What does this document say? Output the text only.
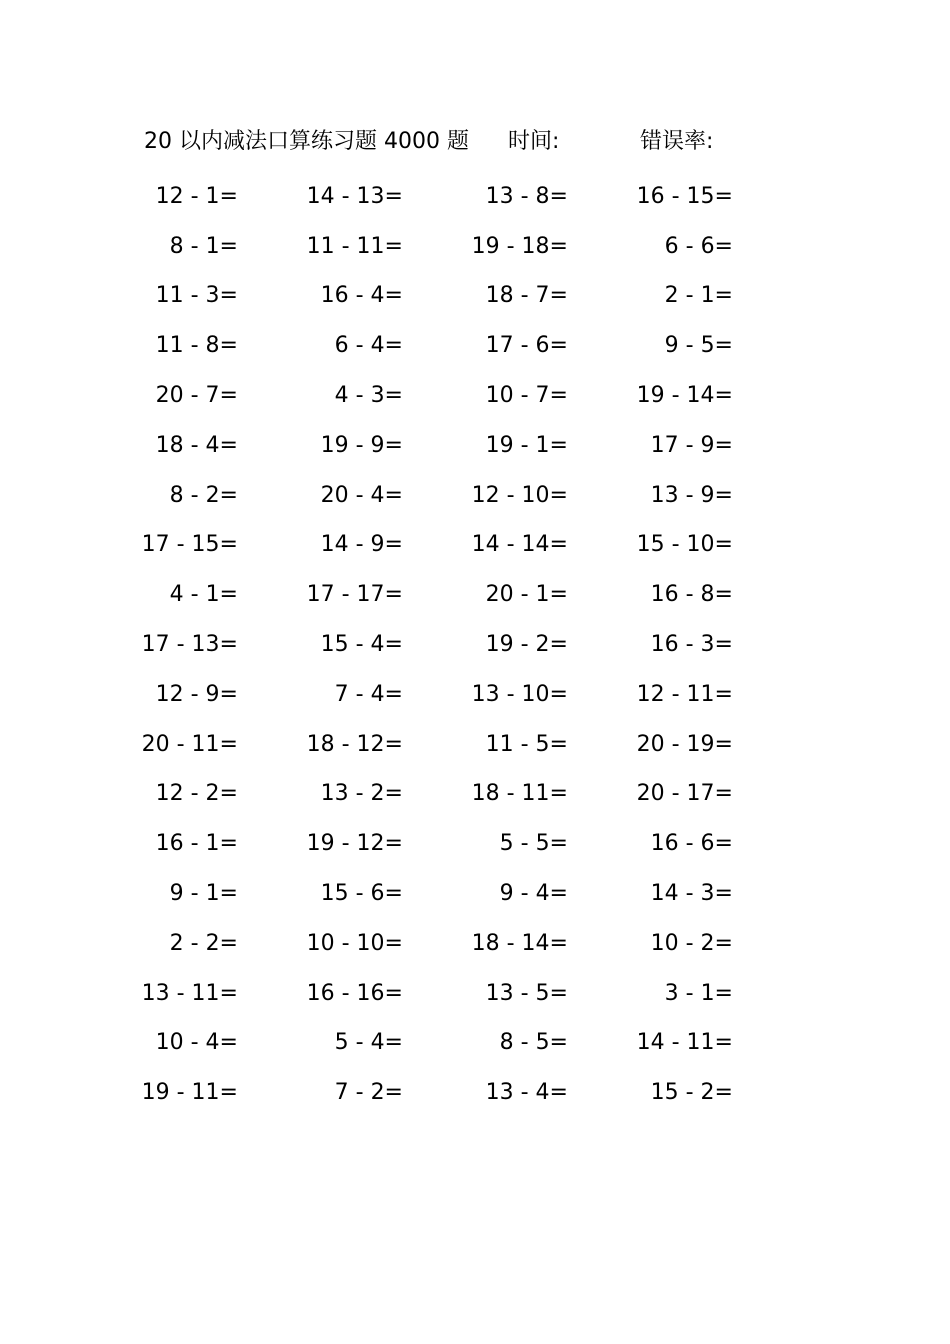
20 以内减法口算练习题 4000 题 时间:	错误率:
12 - 1=	14 - 13=	13 - 8=	16 - 15=
8 - 1=	11 - 11=	19 - 18=	6 - 6=
11 - 3=	16 - 4=	18 - 7=	2 - 1=
11 - 8=	6 - 4=	17 - 6=	9 - 5=
20 - 7=	4 - 3=	10 - 7=	19 - 14=
18 - 4=	19 - 9=	19 - 1=	17 - 9=
8 - 2=	20 - 4=	12 - 10=	13 - 9=
17 - 15=	14 - 9=	14 - 14=	15 - 10=
4 - 1=	17 - 17=	20 - 1=	16 - 8=
17 - 13=	15 - 4=	19 - 2=	16 - 3=
12 - 9=	7 - 4=	13 - 10=	12 - 11=
20 - 11=	18 - 12=	11 - 5=	20 - 19=
12 - 2=	13 - 2=	18 - 11=	20 - 17=
16 - 1=	19 - 12=	5 - 5=	16 - 6=
9 - 1=	15 - 6=	9 - 4=	14 - 3=
2 - 2=	10 - 10=	18 - 14=	10 - 2=
13 - 11=	16 - 16=	13 - 5=	3 - 1=
10 - 4=	5 - 4=	8 - 5=	14 - 11=
19 - 11=	7 - 2=	13 - 4=	15 - 2=
